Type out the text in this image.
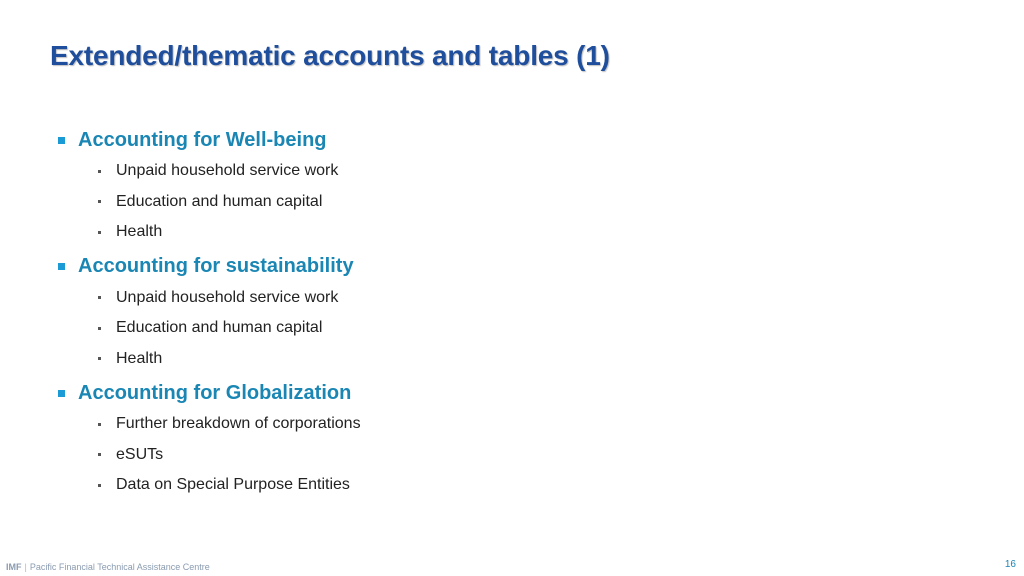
Extended/thematic accounts and tables (1)
Accounting for Well-being
Unpaid household service work
Education and human capital
Health
Accounting for sustainability
Unpaid household service work
Education and human capital
Health
Accounting for Globalization
Further breakdown of corporations
eSUTs
Data on Special Purpose Entities
IMF | Pacific Financial Technical Assistance Centre	16
